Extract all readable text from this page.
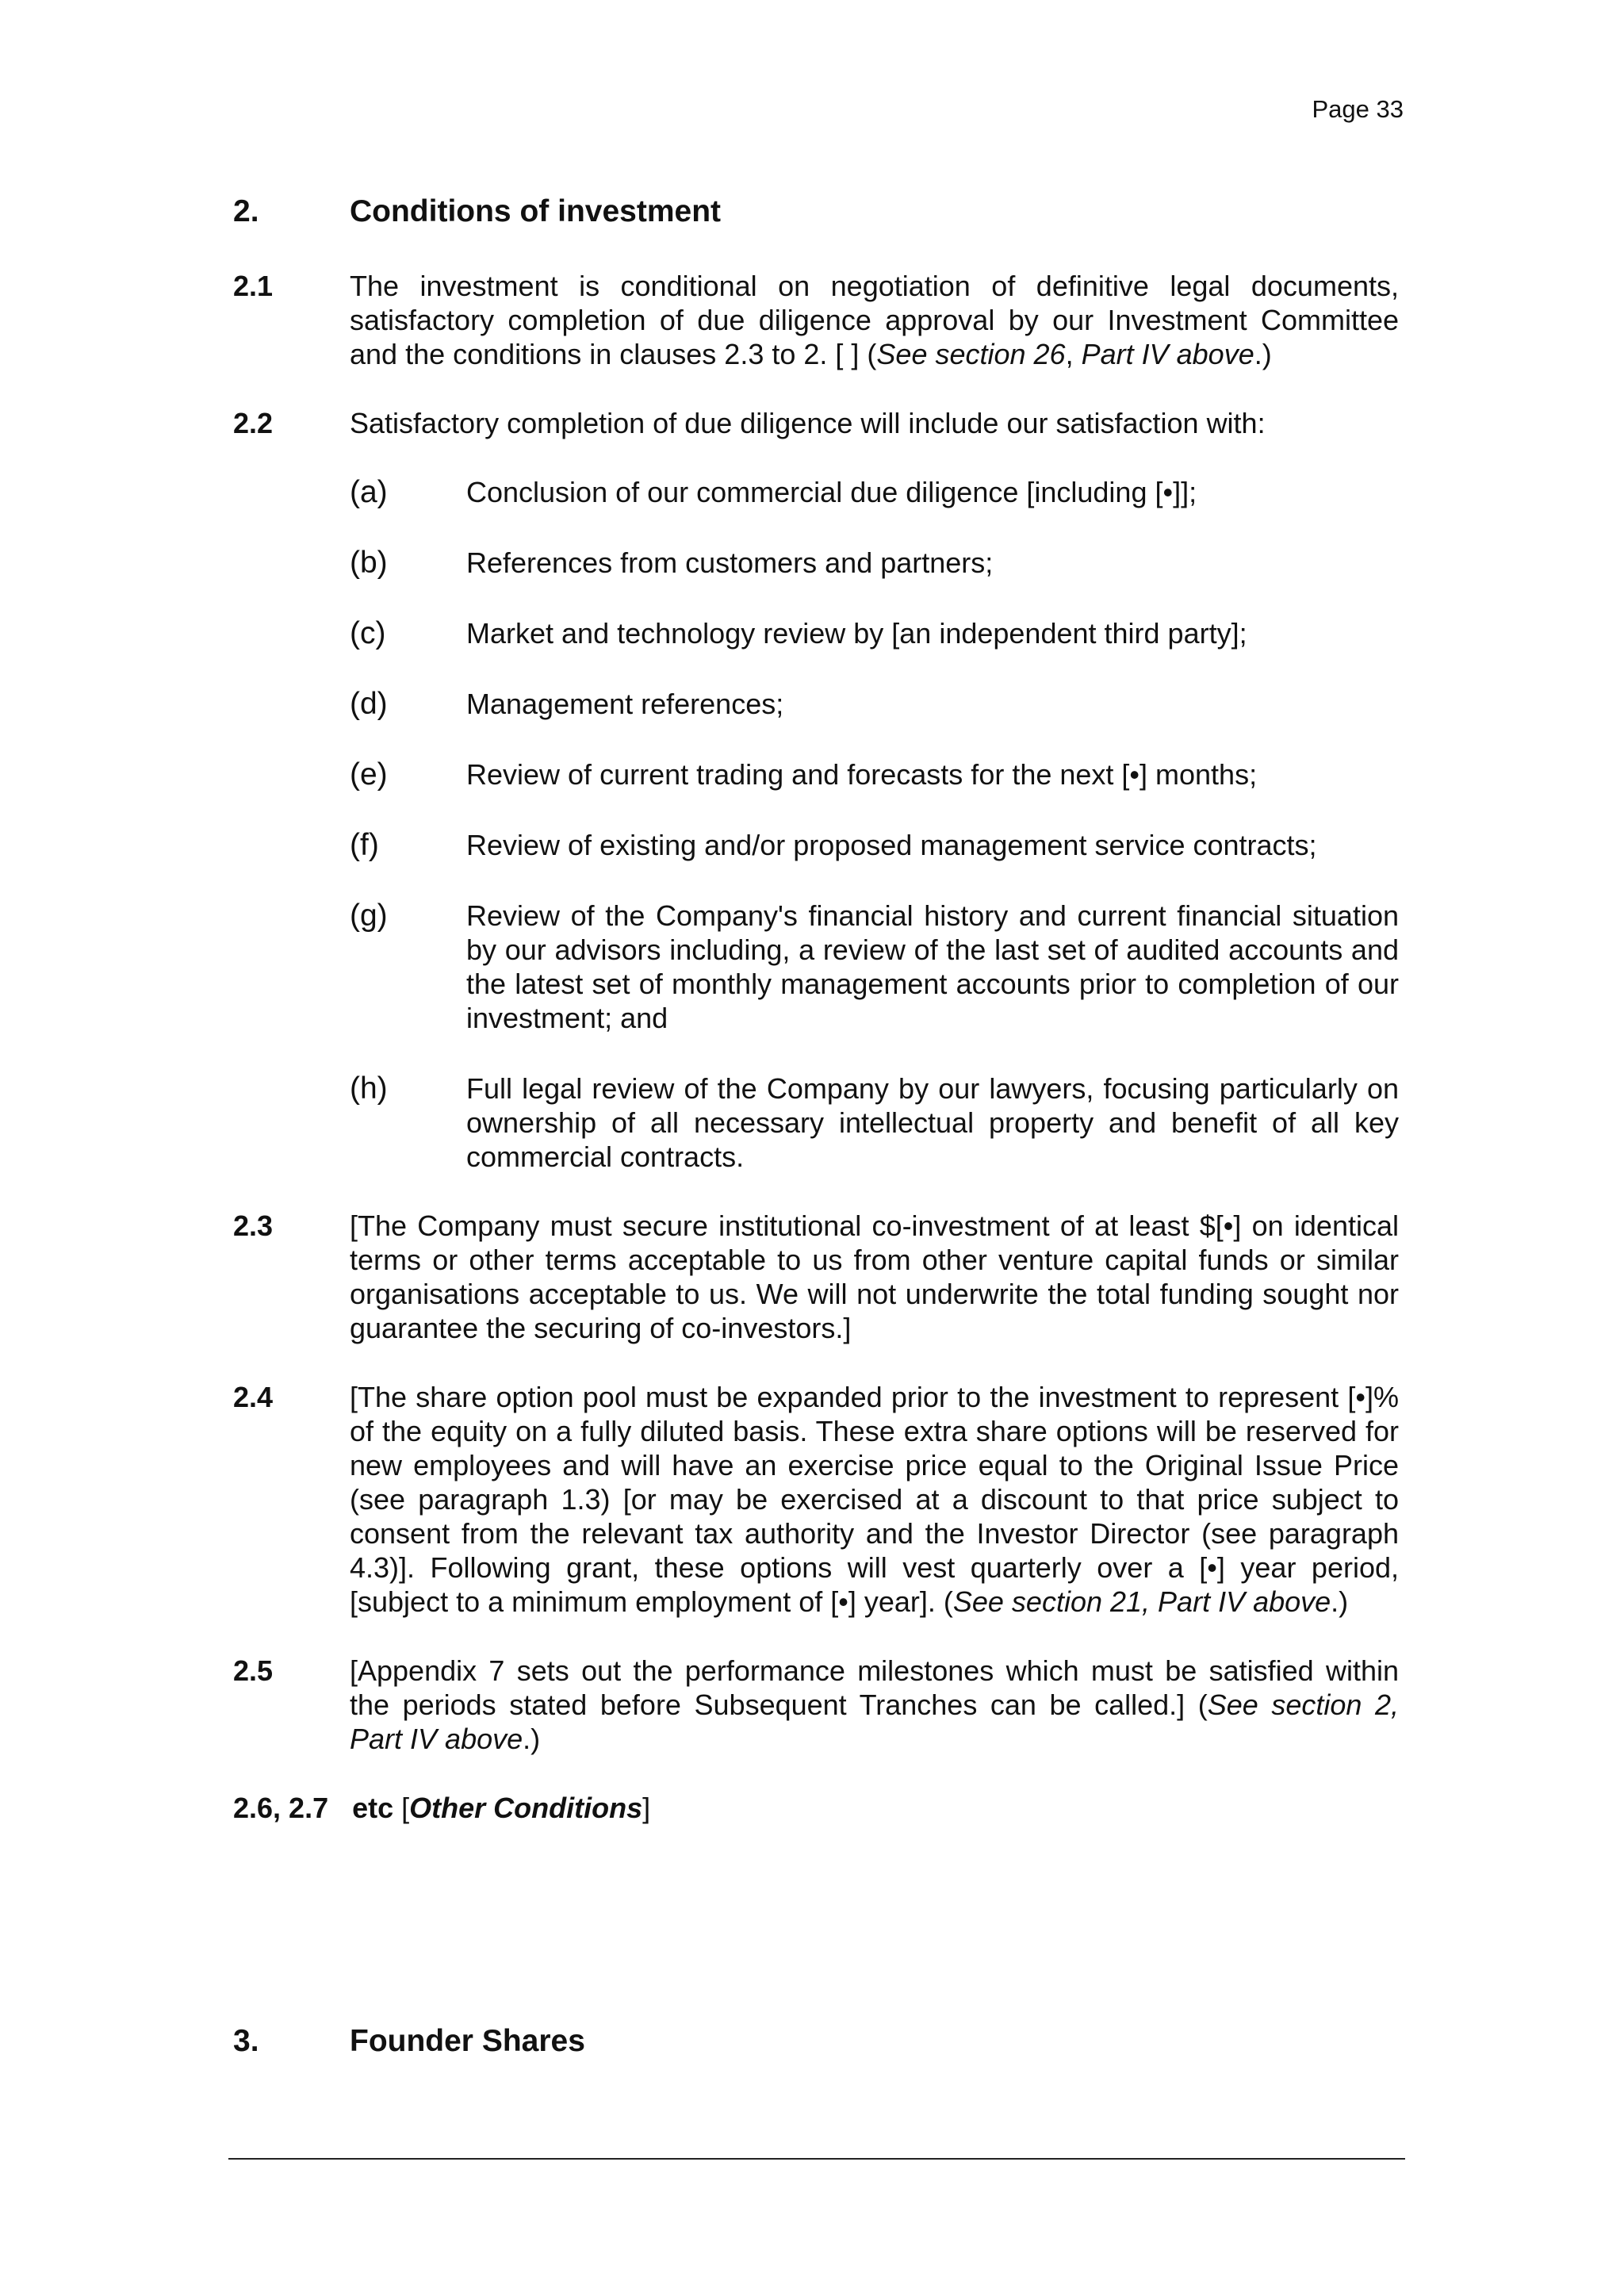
Page 33
2.	Conditions of investment
2.1	The investment is conditional on negotiation of definitive legal documents, satisfactory completion of due diligence approval by our Investment Committee and the conditions in clauses 2.3 to 2. [ ] (See section 26, Part IV above.)
2.2	Satisfactory completion of due diligence will include our satisfaction with:
(a)	Conclusion of our commercial due diligence [including [•]];
(b)	References from customers and partners;
(c)	Market and technology review by [an independent third party];
(d)	Management references;
(e)	Review of current trading and forecasts for the next [•] months;
(f)	Review of existing and/or proposed management service contracts;
(g)	Review of the Company's financial history and current financial situation by our advisors including, a review of the last set of audited accounts and the latest set of monthly management accounts prior to completion of our investment; and
(h)	Full legal review of the Company by our lawyers, focusing particularly on ownership of all necessary intellectual property and benefit of all key commercial contracts.
2.3	[The Company must secure institutional co-investment of at least $[•] on identical terms or other terms acceptable to us from other venture capital funds or similar organisations acceptable to us. We will not underwrite the total funding sought nor guarantee the securing of co-investors.]
2.4	[The share option pool must be expanded prior to the investment to represent [•]% of the equity on a fully diluted basis. These extra share options will be reserved for new employees and will have an exercise price equal to the Original Issue Price (see paragraph 1.3) [or may be exercised at a discount to that price subject to consent from the relevant tax authority and the Investor Director (see paragraph 4.3)]. Following grant, these options will vest quarterly over a [•] year period, [subject to a minimum employment of [•] year]. (See section 21, Part IV above.)
2.5	[Appendix 7 sets out the performance milestones which must be satisfied within the periods stated before Subsequent Tranches can be called.] (See section 2, Part IV above.)
2.6, 2.7 etc [Other Conditions]
3.	Founder Shares
